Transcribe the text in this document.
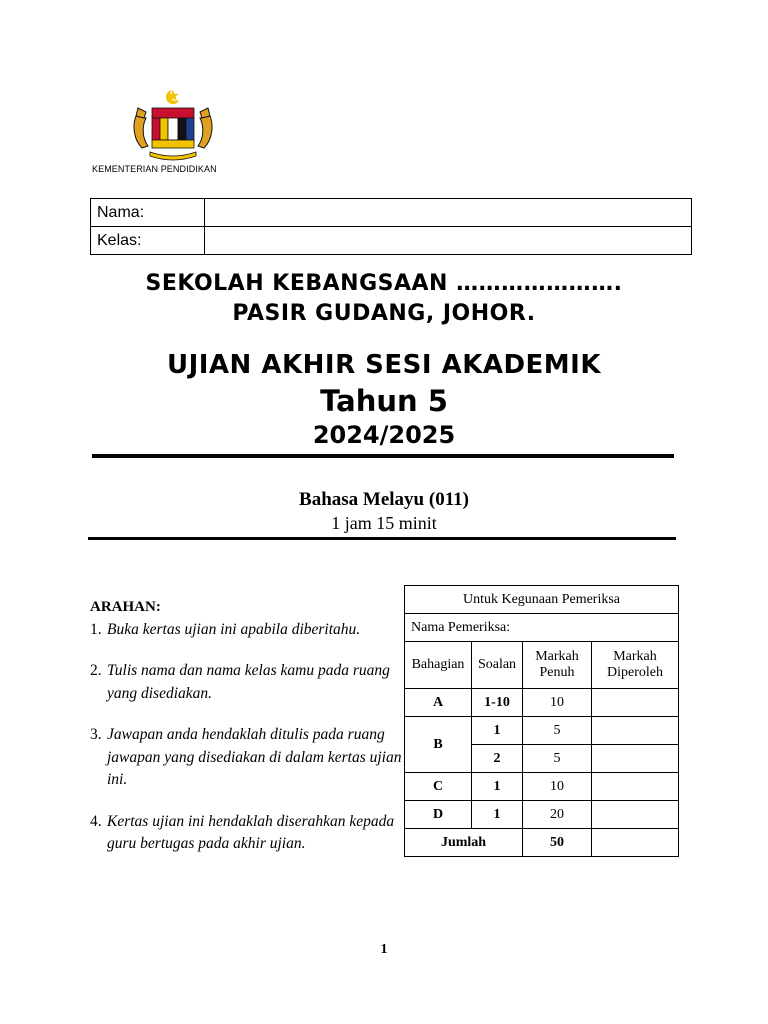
KEMENTERIAN PENDIDIKAN
Nama:	
Kelas:	
SEKOLAH KEBANGSAAN ………………….
PASIR GUDANG, JOHOR.
UJIAN AKHIR SESI AKADEMIK
Tahun 5
2024/2025
Bahasa Melayu (011)
1 jam 15 minit
ARAHAN:
1. Buka kertas ujian ini apabila diberitahu.
2. Tulis nama dan nama kelas kamu pada ruang yang disediakan.
3. Jawapan anda hendaklah ditulis pada ruang jawapan yang disediakan di dalam kertas ujian ini.
4. Kertas ujian ini hendaklah diserahkan kepada guru bertugas pada akhir ujian.
Untuk Kegunaan Pemeriksa			
Nama Pemeriksa:			
Bahagian	Soalan	Markah Penuh	Markah Diperoleh
A	1-10	10	
B	1	5	
	2	5	
C	1	10	
D	1	20	
Jumlah		50	
1
